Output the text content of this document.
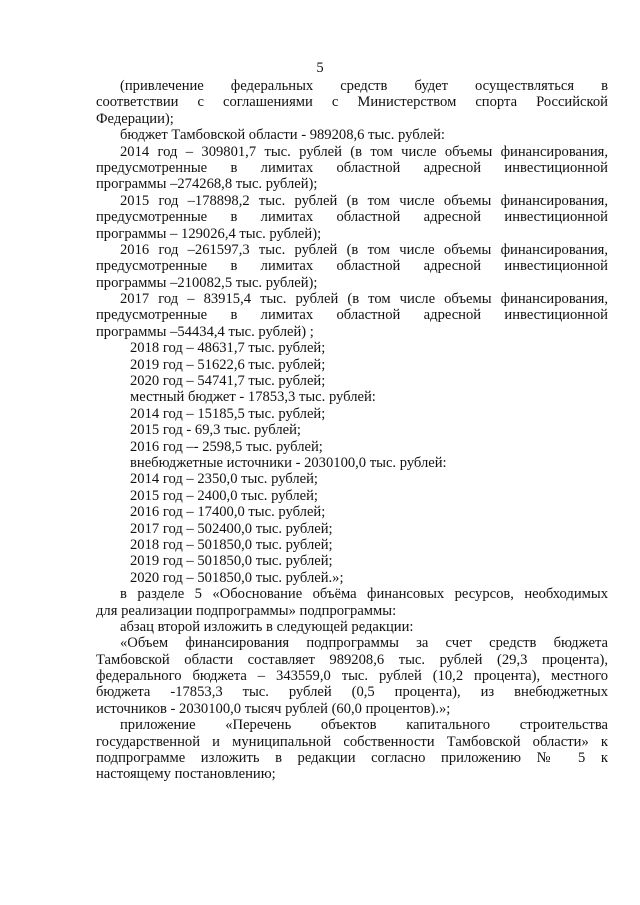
5
(привлечение федеральных средств будет осуществляться в
соответствии с соглашениями с Министерством спорта Российской
Федерации);
бюджет Тамбовской области - 989208,6 тыс. рублей:
2014 год – 309801,7 тыс. рублей (в том числе объемы финансирования,
предусмотренные в лимитах областной адресной инвестиционной
программы –274268,8 тыс. рублей);
2015 год –178898,2 тыс. рублей (в том числе объемы финансирования,
предусмотренные в лимитах областной адресной инвестиционной
программы – 129026,4 тыс. рублей);
2016 год –261597,3 тыс. рублей (в том числе объемы финансирования,
предусмотренные в лимитах областной адресной инвестиционной
программы –210082,5 тыс. рублей);
2017 год – 83915,4 тыс. рублей (в том числе объемы финансирования,
предусмотренные в лимитах областной адресной инвестиционной
программы –54434,4 тыс. рублей) ;
2018 год – 48631,7 тыс. рублей;
2019 год – 51622,6 тыс. рублей;
2020 год – 54741,7 тыс. рублей;
местный бюджет - 17853,3 тыс. рублей:
2014 год – 15185,5 тыс. рублей;
2015 год - 69,3 тыс. рублей;
2016 год –- 2598,5 тыс. рублей;
внебюджетные источники - 2030100,0 тыс. рублей:
2014 год – 2350,0 тыс. рублей;
2015 год – 2400,0 тыс. рублей;
2016 год – 17400,0 тыс. рублей;
2017 год – 502400,0 тыс. рублей;
2018 год – 501850,0 тыс. рублей;
2019 год – 501850,0 тыс. рублей;
2020 год – 501850,0 тыс. рублей.»;
в разделе 5 «Обоснование объёма финансовых ресурсов, необходимых
для реализации подпрограммы» подпрограммы:
абзац второй изложить в следующей редакции:
«Объем финансирования подпрограммы за счет средств бюджета
Тамбовской области составляет 989208,6 тыс. рублей (29,3 процента),
федерального бюджета – 343559,0 тыс. рублей (10,2 процента), местного
бюджета -17853,3 тыс. рублей (0,5 процента), из внебюджетных
источников - 2030100,0 тысяч рублей (60,0 процентов).»;
приложение «Перечень объектов капитального строительства
государственной и муниципальной собственности Тамбовской области» к
подпрограмме изложить в редакции согласно приложению № 5 к
настоящему постановлению;
